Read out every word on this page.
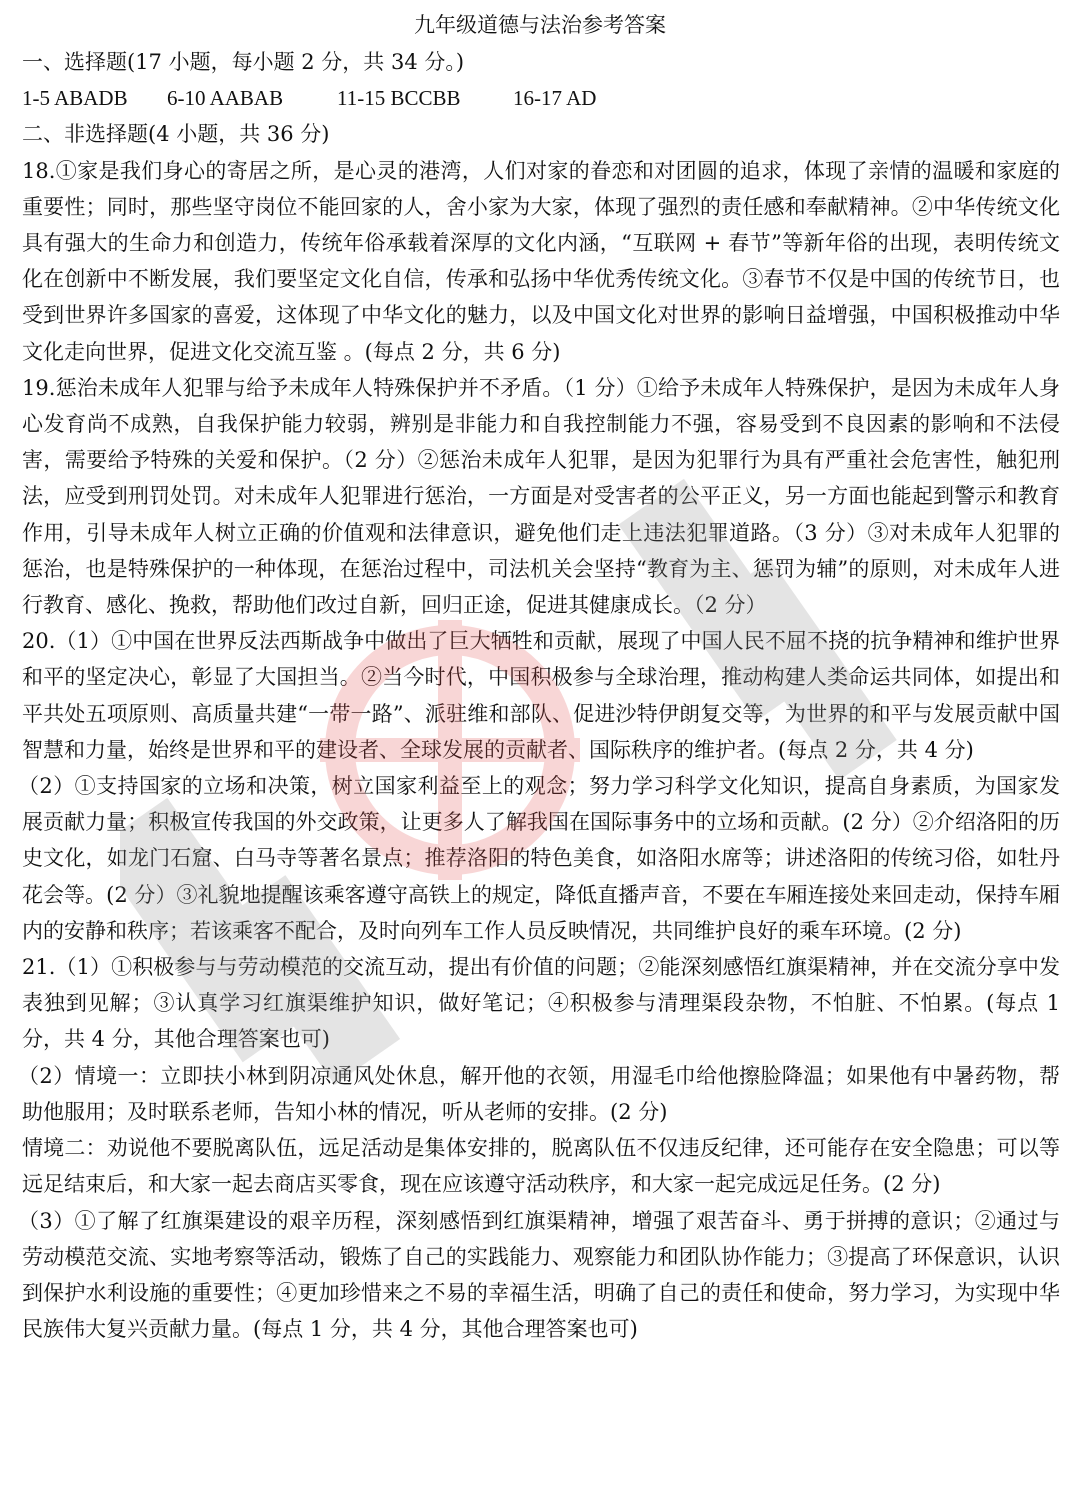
九年级道德与法治参考答案

一、选择题(17 小题，每小题 2 分，共 34 分。)

1-5 ABADB	6-10 AABAB	11-15 BCCBB	16-17 AD

二、非选择题(4 小题，共 36 分)

18.①家是我们身心的寄居之所，是心灵的港湾，人们对家的眷恋和对团圆的追求，体现了亲情的温暖和家庭的重要性；同时，那些坚守岗位不能回家的人，舍小家为大家，体现了强烈的责任感和奉献精神。②中华传统文化具有强大的生命力和创造力，传统年俗承载着深厚的文化内涵，“互联网 + 春节”等新年俗的出现，表明传统文化在创新中不断发展，我们要坚定文化自信，传承和弘扬中华优秀传统文化。③春节不仅是中国的传统节日，也受到世界许多国家的喜爱，这体现了中华文化的魅力，以及中国文化对世界的影响日益增强，中国积极推动中华文化走向世界，促进文化交流互鉴 。(每点 2 分，共 6 分)

19.惩治未成年人犯罪与给予未成年人特殊保护并不矛盾。（1 分）①给予未成年人特殊保护，是因为未成年人身心发育尚不成熟，自我保护能力较弱，辨别是非能力和自我控制能力不强，容易受到不良因素的影响和不法侵害，需要给予特殊的关爱和保护。（2 分）②惩治未成年人犯罪，是因为犯罪行为具有严重社会危害性，触犯刑法，应受到刑罚处罚。对未成年人犯罪进行惩治，一方面是对受害者的公平正义，另一方面也能起到警示和教育作用，引导未成年人树立正确的价值观和法律意识，避免他们走上违法犯罪道路。（3 分）③对未成年人犯罪的惩治，也是特殊保护的一种体现，在惩治过程中，司法机关会坚持“教育为主、惩罚为辅”的原则，对未成年人进行教育、感化、挽救，帮助他们改过自新，回归正途，促进其健康成长。（2 分）

20.（1）①中国在世界反法西斯战争中做出了巨大牺牲和贡献，展现了中国人民不屈不挠的抗争精神和维护世界和平的坚定决心，彰显了大国担当。②当今时代，中国积极参与全球治理，推动构建人类命运共同体，如提出和平共处五项原则、高质量共建“一带一路”、派驻维和部队、促进沙特伊朗复交等，为世界的和平与发展贡献中国智慧和力量，始终是世界和平的建设者、全球发展的贡献者、国际秩序的维护者。(每点 2 分，共 4 分)

（2）①支持国家的立场和决策，树立国家利益至上的观念；努力学习科学文化知识，提高自身素质，为国家发展贡献力量；积极宣传我国的外交政策，让更多人了解我国在国际事务中的立场和贡献。(2 分）②介绍洛阳的历史文化，如龙门石窟、白马寺等著名景点；推荐洛阳的特色美食，如洛阳水席等；讲述洛阳的传统习俗，如牡丹花会等。(2 分）③礼貌地提醒该乘客遵守高铁上的规定，降低直播声音，不要在车厢连接处来回走动，保持车厢内的安静和秩序；若该乘客不配合，及时向列车工作人员反映情况，共同维护良好的乘车环境。(2 分)

21.（1）①积极参与与劳动模范的交流互动，提出有价值的问题；②能深刻感悟红旗渠精神，并在交流分享中发表独到见解；③认真学习红旗渠维护知识，做好笔记；④积极参与清理渠段杂物，不怕脏、不怕累。(每点 1 分，共 4 分，其他合理答案也可)

（2）情境一：立即扶小林到阴凉通风处休息，解开他的衣领，用湿毛巾给他擦脸降温；如果他有中暑药物，帮助他服用；及时联系老师，告知小林的情况，听从老师的安排。(2 分)

情境二：劝说他不要脱离队伍，远足活动是集体安排的，脱离队伍不仅违反纪律，还可能存在安全隐患；可以等远足结束后，和大家一起去商店买零食，现在应该遵守活动秩序，和大家一起完成远足任务。(2 分)

（3）①了解了红旗渠建设的艰辛历程，深刻感悟到红旗渠精神，增强了艰苦奋斗、勇于拼搏的意识；②通过与劳动模范交流、实地考察等活动，锻炼了自己的实践能力、观察能力和团队协作能力；③提高了环保意识，认识到保护水利设施的重要性；④更加珍惜来之不易的幸福生活，明确了自己的责任和使命，努力学习，为实现中华民族伟大复兴贡献力量。(每点 1 分，共 4 分，其他合理答案也可)
